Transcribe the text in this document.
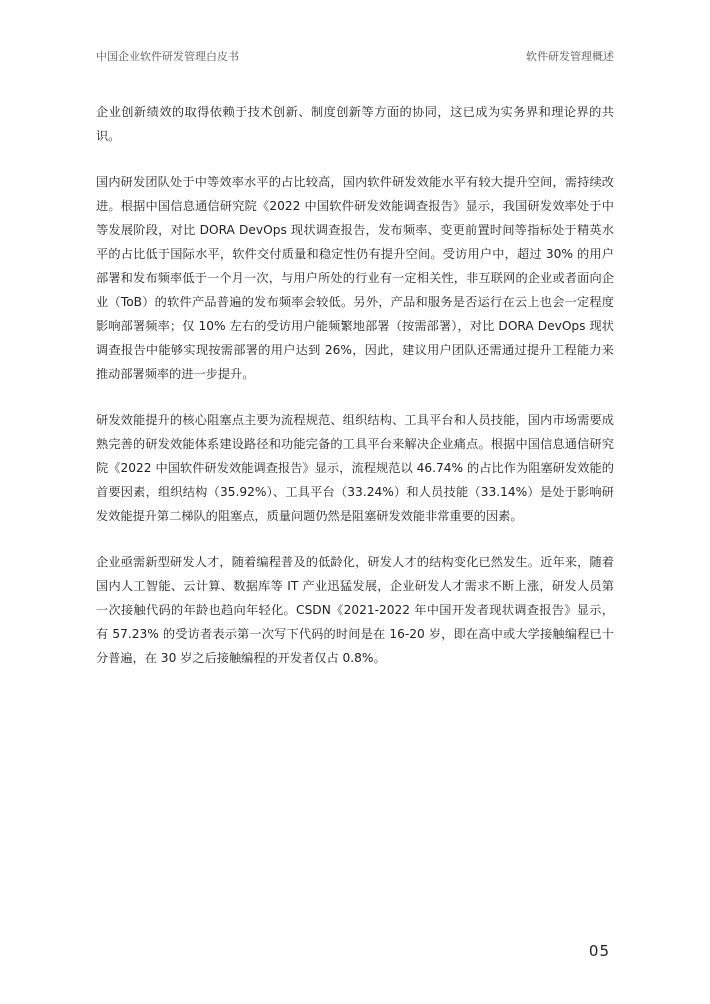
中国企业软件研发管理白皮书	软件研发管理概述

企业创新绩效的取得依赖于技术创新、制度创新等方面的协同，这已成为实务界和理论界的共识。

国内研发团队处于中等效率水平的占比较高，国内软件研发效能水平有较大提升空间，需持续改进。根据中国信息通信研究院《2022 中国软件研发效能调查报告》显示，我国研发效率处于中等发展阶段，对比 DORA DevOps 现状调查报告，发布频率、变更前置时间等指标处于精英水平的占比低于国际水平，软件交付质量和稳定性仍有提升空间。受访用户中，超过 30% 的用户部署和发布频率低于一个月一次，与用户所处的行业有一定相关性，非互联网的企业或者面向企业（ToB）的软件产品普遍的发布频率会较低。另外，产品和服务是否运行在云上也会一定程度影响部署频率；仅 10% 左右的受访用户能频繁地部署（按需部署），对比 DORA DevOps 现状调查报告中能够实现按需部署的用户达到 26%，因此，建议用户团队还需通过提升工程能力来推动部署频率的进一步提升。

研发效能提升的核心阻塞点主要为流程规范、组织结构、工具平台和人员技能，国内市场需要成熟完善的研发效能体系建设路径和功能完备的工具平台来解决企业痛点。根据中国信息通信研究院《2022 中国软件研发效能调查报告》显示，流程规范以 46.74% 的占比作为阻塞研发效能的首要因素，组织结构（35.92%）、工具平台（33.24%）和人员技能（33.14%）是处于影响研发效能提升第二梯队的阻塞点，质量问题仍然是阻塞研发效能非常重要的因素。

企业亟需新型研发人才，随着编程普及的低龄化，研发人才的结构变化已然发生。近年来，随着国内人工智能、云计算、数据库等 IT 产业迅猛发展，企业研发人才需求不断上涨，研发人员第一次接触代码的年龄也趋向年轻化。CSDN《2021-2022 年中国开发者现状调查报告》显示，有 57.23% 的受访者表示第一次写下代码的时间是在 16-20 岁，即在高中或大学接触编程已十分普遍，在 30 岁之后接触编程的开发者仅占 0.8%。

05
